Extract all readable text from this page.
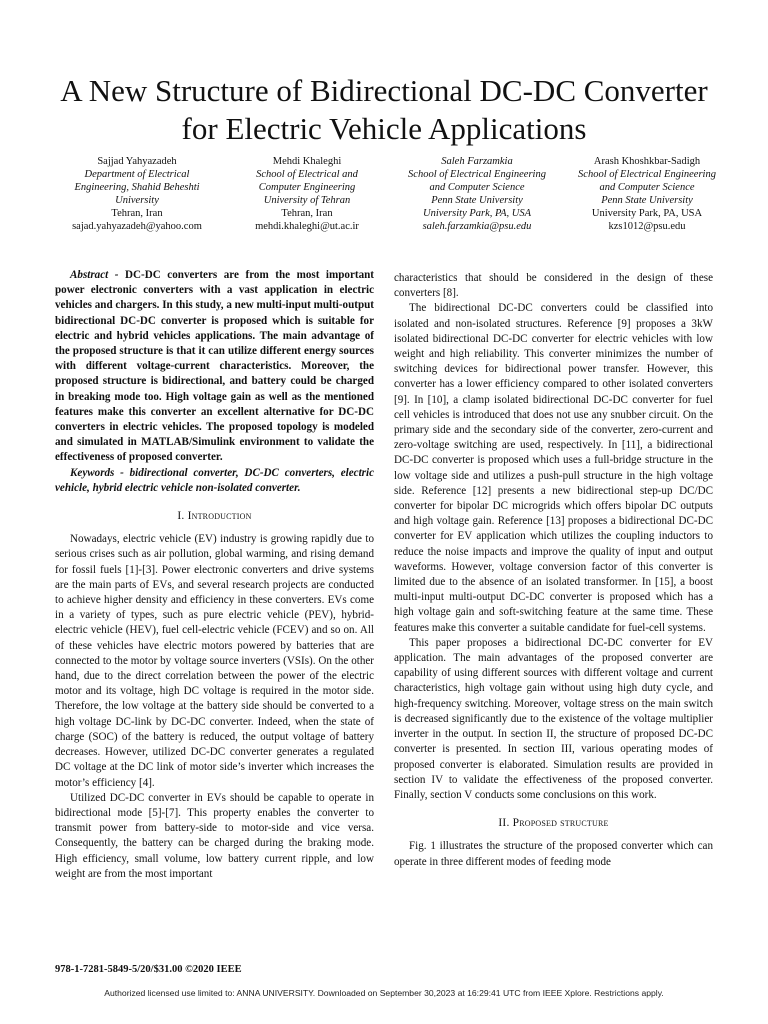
A New Structure of Bidirectional DC-DC Converter
for Electric Vehicle Applications
Sajjad Yahyazadeh
Department of Electrical
Engineering, Shahid Beheshti
University
Tehran, Iran
sajad.yahyazadeh@yahoo.com
Mehdi Khaleghi
School of Electrical and
Computer Engineering
University of Tehran
Tehran, Iran
mehdi.khaleghi@ut.ac.ir
Saleh Farzamkia
School of Electrical Engineering
and Computer Science
Penn State University
University Park, PA, USA
saleh.farzamkia@psu.edu
Arash Khoshkbar-Sadigh
School of Electrical Engineering
and Computer Science
Penn State University
University Park, PA, USA
kzs1012@psu.edu

Abstract - DC-DC converters are from the most important power electronic converters with a vast application in electric vehicles and chargers. In this study, a new multi-input multi-output bidirectional DC-DC converter is proposed which is suitable for electric and hybrid vehicles applications. The main advantage of the proposed structure is that it can utilize different energy sources with different voltage-current characteristics. Moreover, the proposed structure is bidirectional, and battery could be charged in breaking mode too. High voltage gain as well as the mentioned features make this converter an excellent alternative for DC-DC converters in electric vehicles. The proposed topology is modeled and simulated in MATLAB/Simulink environment to validate the effectiveness of proposed converter.

Keywords - bidirectional converter, DC-DC converters, electric vehicle, hybrid electric vehicle non-isolated converter.

I. Introduction

Nowadays, electric vehicle (EV) industry is growing rapidly due to serious crises such as air pollution, global warming, and rising demand for fossil fuels [1]-[3]. Power electronic converters and drive systems are the main parts of EVs, and several research projects are conducted to achieve higher density and efficiency in these converters. EVs come in a variety of types, such as pure electric vehicle (PEV), hybrid-electric vehicle (HEV), fuel cell-electric vehicle (FCEV) and so on. All of these vehicles have electric motors powered by batteries that are connected to the motor by voltage source inverters (VSIs). On the other hand, due to the direct correlation between the power of the electric motor and its voltage, high DC voltage is required in the motor side. Therefore, the low voltage at the battery side should be converted to a high voltage DC-link by DC-DC converter. Indeed, when the state of charge (SOC) of the battery is reduced, the output voltage of battery decreases. However, utilized DC-DC converter generates a regulated DC voltage at the DC link of motor side’s inverter which increases the motor’s efficiency [4].

Utilized DC-DC converter in EVs should be capable to operate in bidirectional mode [5]-[7]. This property enables the converter to transmit power from battery-side to motor-side and vice versa. Consequently, the battery can be charged during the braking mode. High efficiency, small volume, low battery current ripple, and low weight are from the most important

characteristics that should be considered in the design of these converters [8].

The bidirectional DC-DC converters could be classified into isolated and non-isolated structures. Reference [9] proposes a 3kW isolated bidirectional DC-DC converter for electric vehicles with low weight and high reliability. This converter minimizes the number of switching devices for bidirectional power transfer. However, this converter has a lower efficiency compared to other isolated converters [9]. In [10], a clamp isolated bidirectional DC-DC converter for fuel cell vehicles is introduced that does not use any snubber circuit. On the primary side and the secondary side of the converter, zero-current and zero-voltage switching are used, respectively. In [11], a bidirectional DC-DC converter is proposed which uses a full-bridge structure in the low voltage side and utilizes a push-pull structure in the high voltage side. Reference [12] presents a new bidirectional step-up DC/DC converter for bipolar DC microgrids which offers bipolar DC outputs and high voltage gain. Reference [13] proposes a bidirectional DC-DC converter for EV application which utilizes the coupling inductors to reduce the noise impacts and improve the quality of input and output waveforms. However, voltage conversion factor of this converter is limited due to the absence of an isolated transformer. In [15], a boost multi-input multi-output DC-DC converter is proposed which has a high voltage gain and soft-switching feature at the same time. These features make this converter a suitable candidate for fuel-cell systems.

This paper proposes a bidirectional DC-DC converter for EV application. The main advantages of the proposed converter are capability of using different sources with different voltage and current characteristics, high voltage gain without using high duty cycle, and high-frequency switching. Moreover, voltage stress on the main switch is decreased significantly due to the existence of the voltage multiplier inverter in the output. In section II, the structure of proposed DC-DC converter is presented. In section III, various operating modes of proposed converter is elaborated. Simulation results are provided in section IV to validate the effectiveness of the proposed converter. Finally, section V conducts some conclusions on this work.

II. Proposed structure

Fig. 1 illustrates the structure of the proposed converter which can operate in three different modes of feeding mode

978-1-7281-5849-5/20/$31.00 ©2020 IEEE
Authorized licensed use limited to: ANNA UNIVERSITY. Downloaded on September 30,2023 at 16:29:41 UTC from IEEE Xplore. Restrictions apply.
